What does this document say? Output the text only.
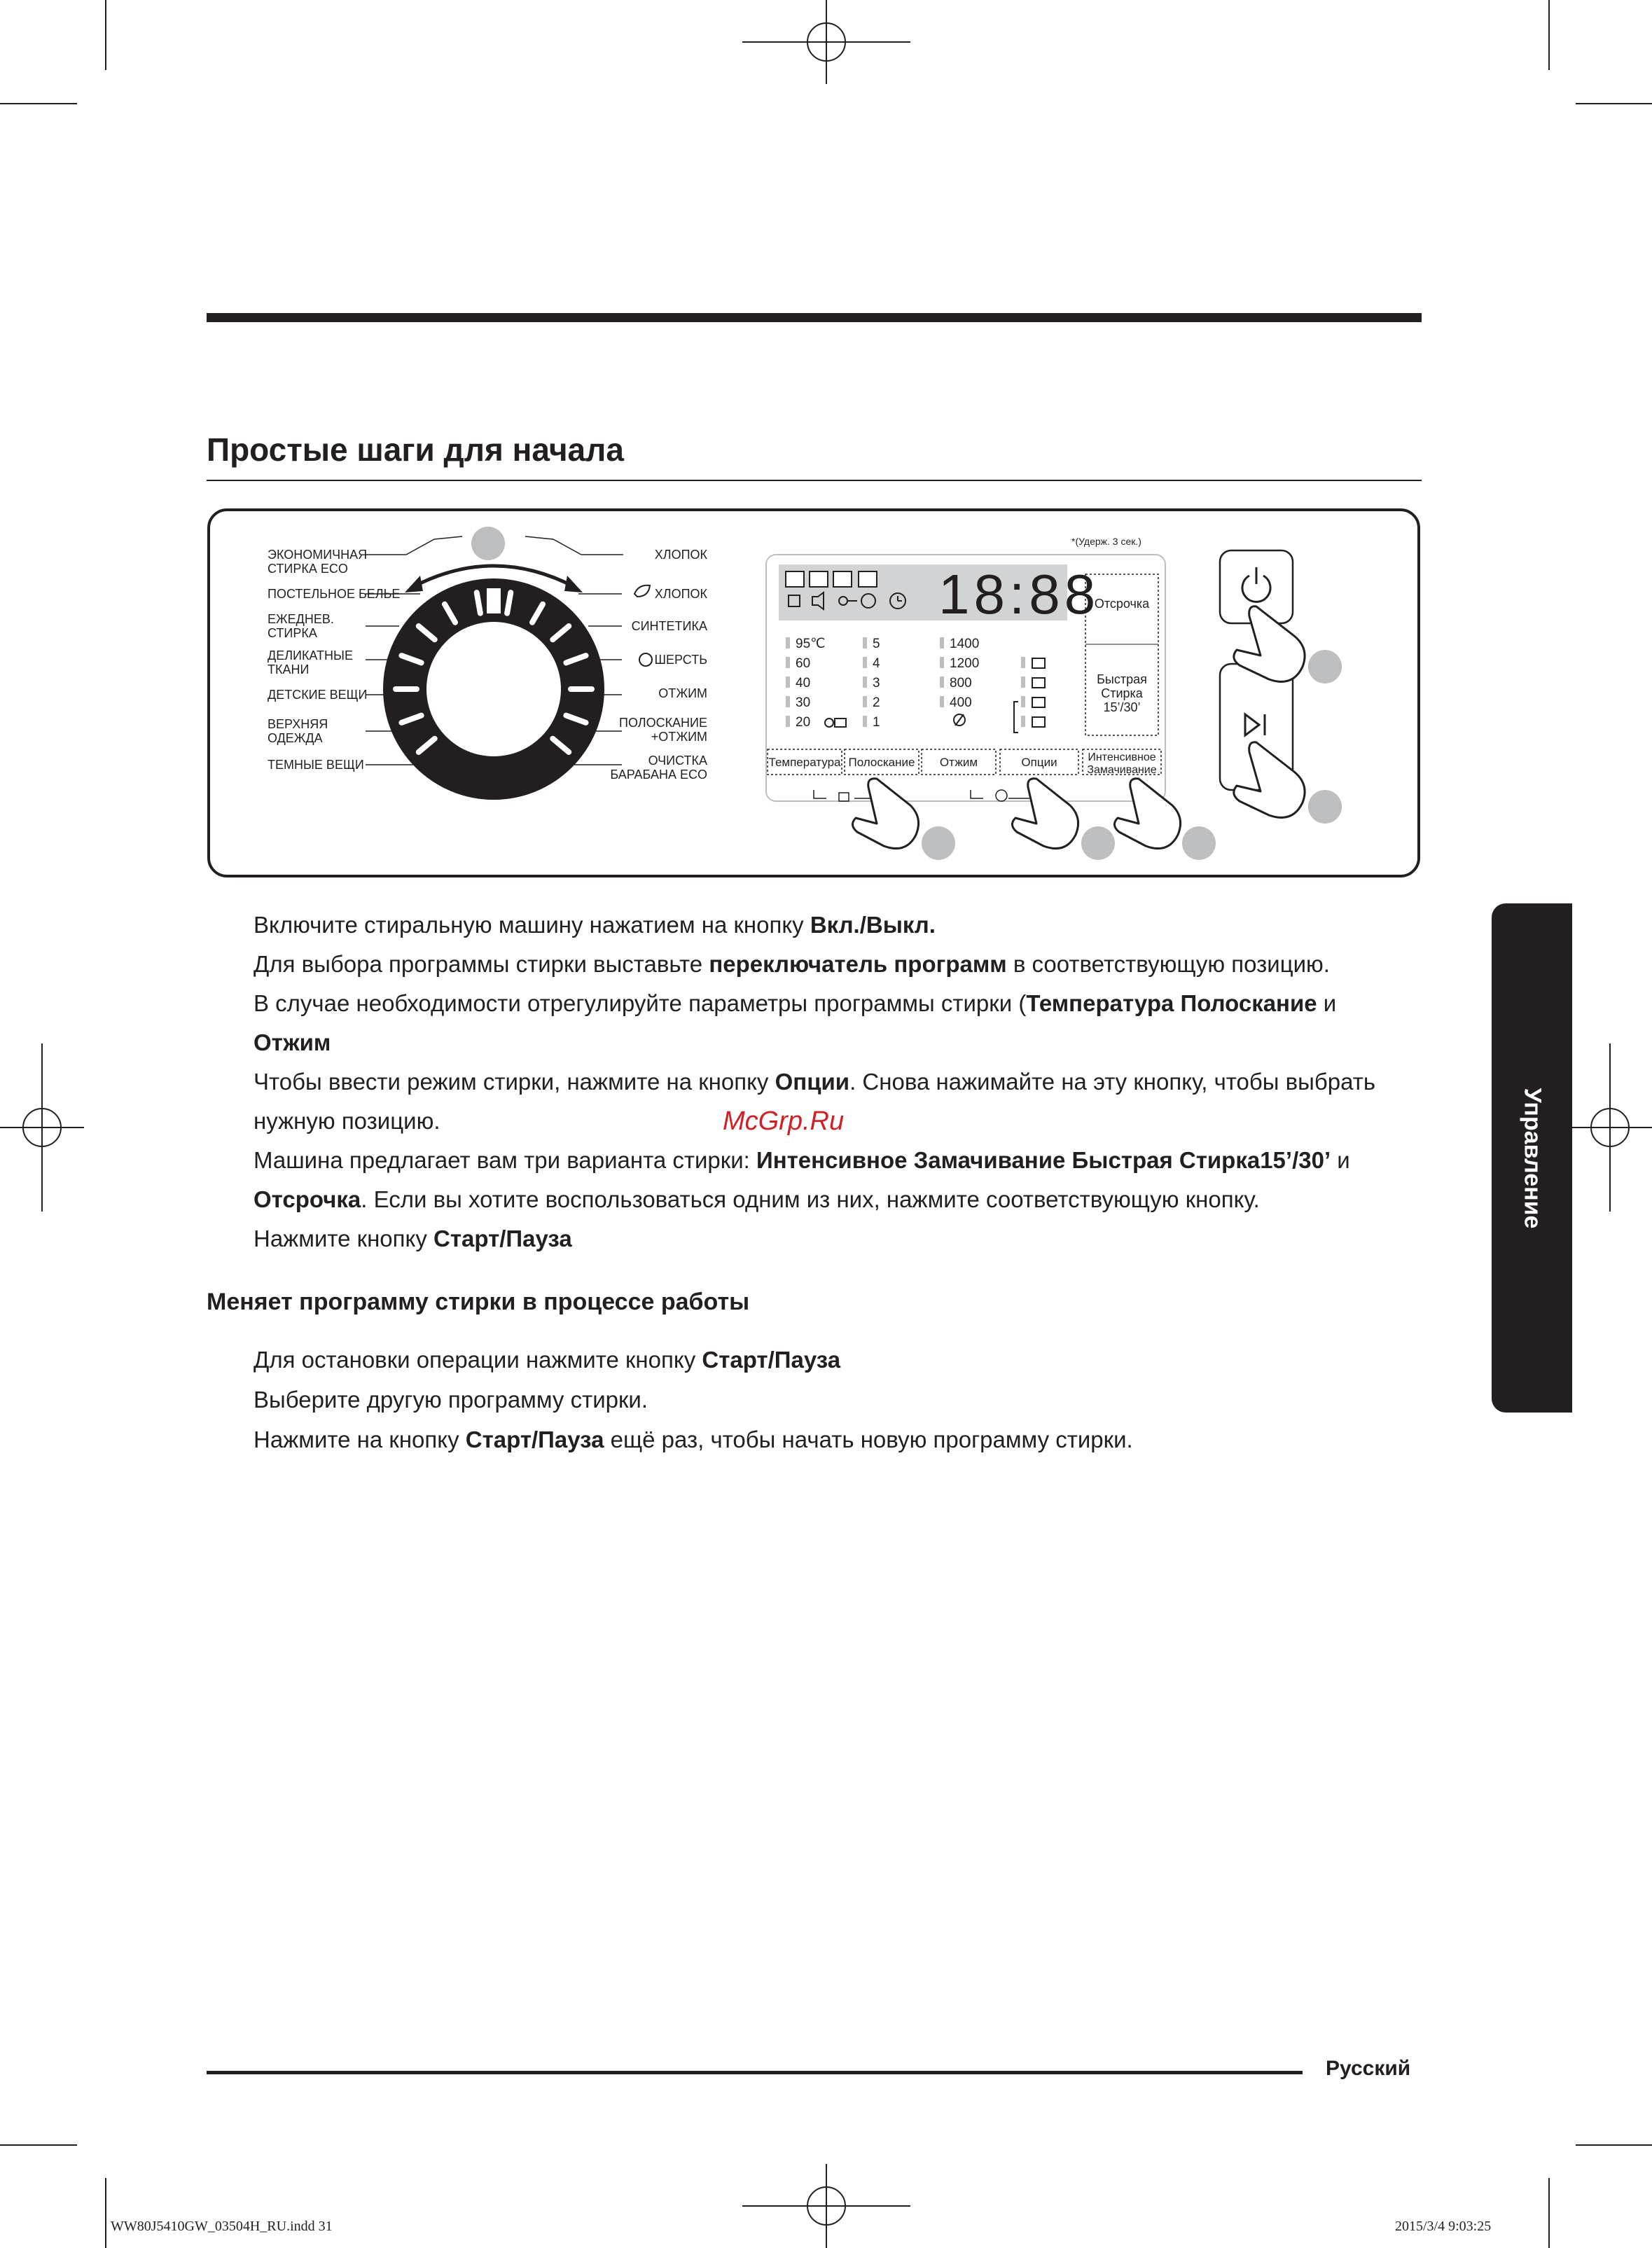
Простые шаги для начала
ЭКОНОМИЧНАЯ
СТИРКА ECO
ПОСТЕЛЬНОЕ БЕЛЬЕ
ЕЖЕДНЕВ.
СТИРКА
ДЕЛИКАТНЫЕ
ТКАНИ
ДЕТСКИЕ ВЕЩИ
ВЕРХНЯЯ
ОДЕЖДА
ТЕМНЫЕ ВЕЩИ
ХЛОПОК
ХЛОПОК
СИНТЕТИКА
ШЕРСТЬ
ОТЖИМ
ПОЛОСКАНИЕ
+ОТЖИМ
ОЧИСТКА
БАРАБАНА ECO
*(Удерж. 3 сек.)
18:88
95℃
60
40
30
20
5
4
3
2
1
1400
1200
800
400
Температура Полоскание Отжим	Опции	Интенсивное
Замачивание
Отсрочка
Быстрая
Стирка
15’/30’
Включите стиральную машину нажатием на кнопку Вкл./Выкл.
Для выбора программы стирки выставьте переключатель программ в соответствующую позицию.
В случае необходимости отрегулируйте параметры программы стирки (Температура Полоскание и
Отжим
Чтобы ввести режим стирки, нажмите на кнопку Опции. Снова нажимайте на эту кнопку, чтобы выбрать
нужную позицию.
Машина предлагает вам три варианта стирки: Интенсивное Замачивание Быстрая Стирка15’/30’ и
Отсрочка. Если вы хотите воспользоваться одним из них, нажмите соответствующую кнопку.
Нажмите кнопку Старт/Пауза
Меняет программу стирки в процессе работы
Для остановки операции нажмите кнопку Старт/Пауза
Выберите другую программу стирки.
Нажмите на кнопку Старт/Пауза ещё раз, чтобы начать новую программу стирки.
McGrp.Ru	Управление
Русский
WW80J5410GW_03504H_RU.indd 31	2015/3/4 9:03:25
